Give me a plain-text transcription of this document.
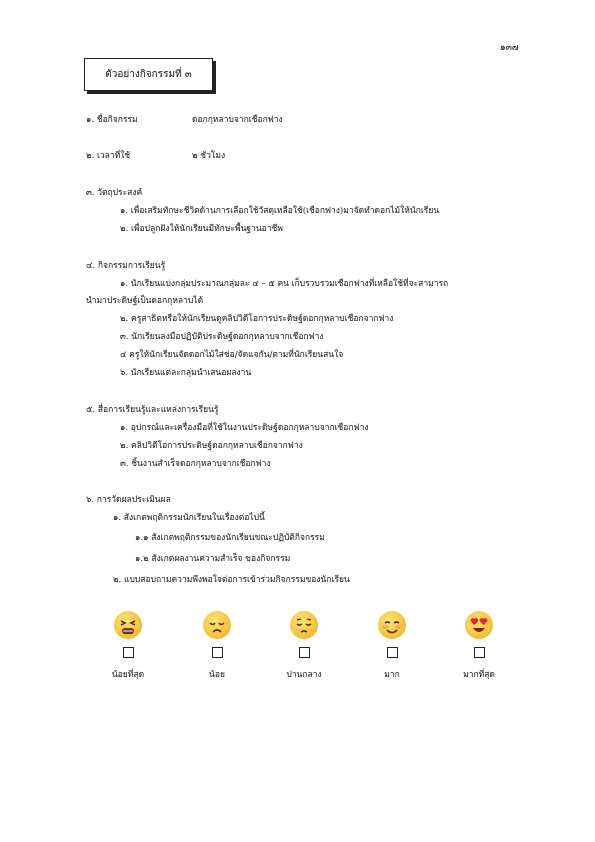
๑๓๗
ตัวอย่างกิจกรรมที่ ๓
๑. ชื่อกิจกรรม	ดอกกุหลาบจากเชือกฟาง
๒. เวลาที่ใช้	๒ ชั่วโมง
๓. วัตถุประสงค์
๑. เพื่อเสริมทักษะชีวิตด้านการเลือกใช้วัสดุเหลือใช้(เชือกฟาง)มาจัดทำดอกไม้ให้นักเรียน
๒. เพื่อปลูกฝังให้นักเรียนมีทักษะพื้นฐานอาชีพ
๔. กิจกรรมการเรียนรู้
๑. นักเรียนแบ่งกลุ่มประมาณกลุ่มละ ๔ – ๕ คน เก็บรวบรวมเชือกฟางที่เหลือใช้ที่จะสามารถ
นำมาประดิษฐ์เป็นดอกกุหลาบได้
๒. ครูสาธิตหรือให้นักเรียนดูคลิปวิดีโอการประดิษฐ์ดอกกุหลาบเชือกจากฟาง
๓. นักเรียนลงมือปฏิบัติประดิษฐ์ดอกกุหลาบจากเชือกฟาง
๔ ครูให้นักเรียนจัดดอกไม้ใส่ช่อ/จัดแจกัน/ตามที่นักเรียนสนใจ
๖. นักเรียนแต่ละกลุ่มนำเสนอผลงาน
๕. สื่อการเรียนรู้และแหล่งการเรียนรู้
๑. อุปกรณ์และเครื่องมือที่ใช้ในงานประดิษฐ์ดอกกุหลาบจากเชือกฟาง
๒. คลิปวิดีโอการประดิษฐ์ดอกกุหลาบเชือกจากฟาง
๓. ชิ้นงานสำเร็จดอกกุหลาบจากเชือกฟาง
๖. การวัดผลประเมินผล
๑. สังเกตพฤติกรรมนักเรียนในเรื่องต่อไปนี้
๑.๑ สังเกตพฤติกรรมของนักเรียนขณะปฏิบัติกิจกรรม
๑.๒ สังเกตผลงานความสำเร็จ ของกิจกรรม
๒. แบบสอบถามความพึงพอใจต่อการเข้าร่วมกิจกรรมของนักเรียน
น้อยที่สุด	น้อย	ปานกลาง	มาก	มากที่สุด
